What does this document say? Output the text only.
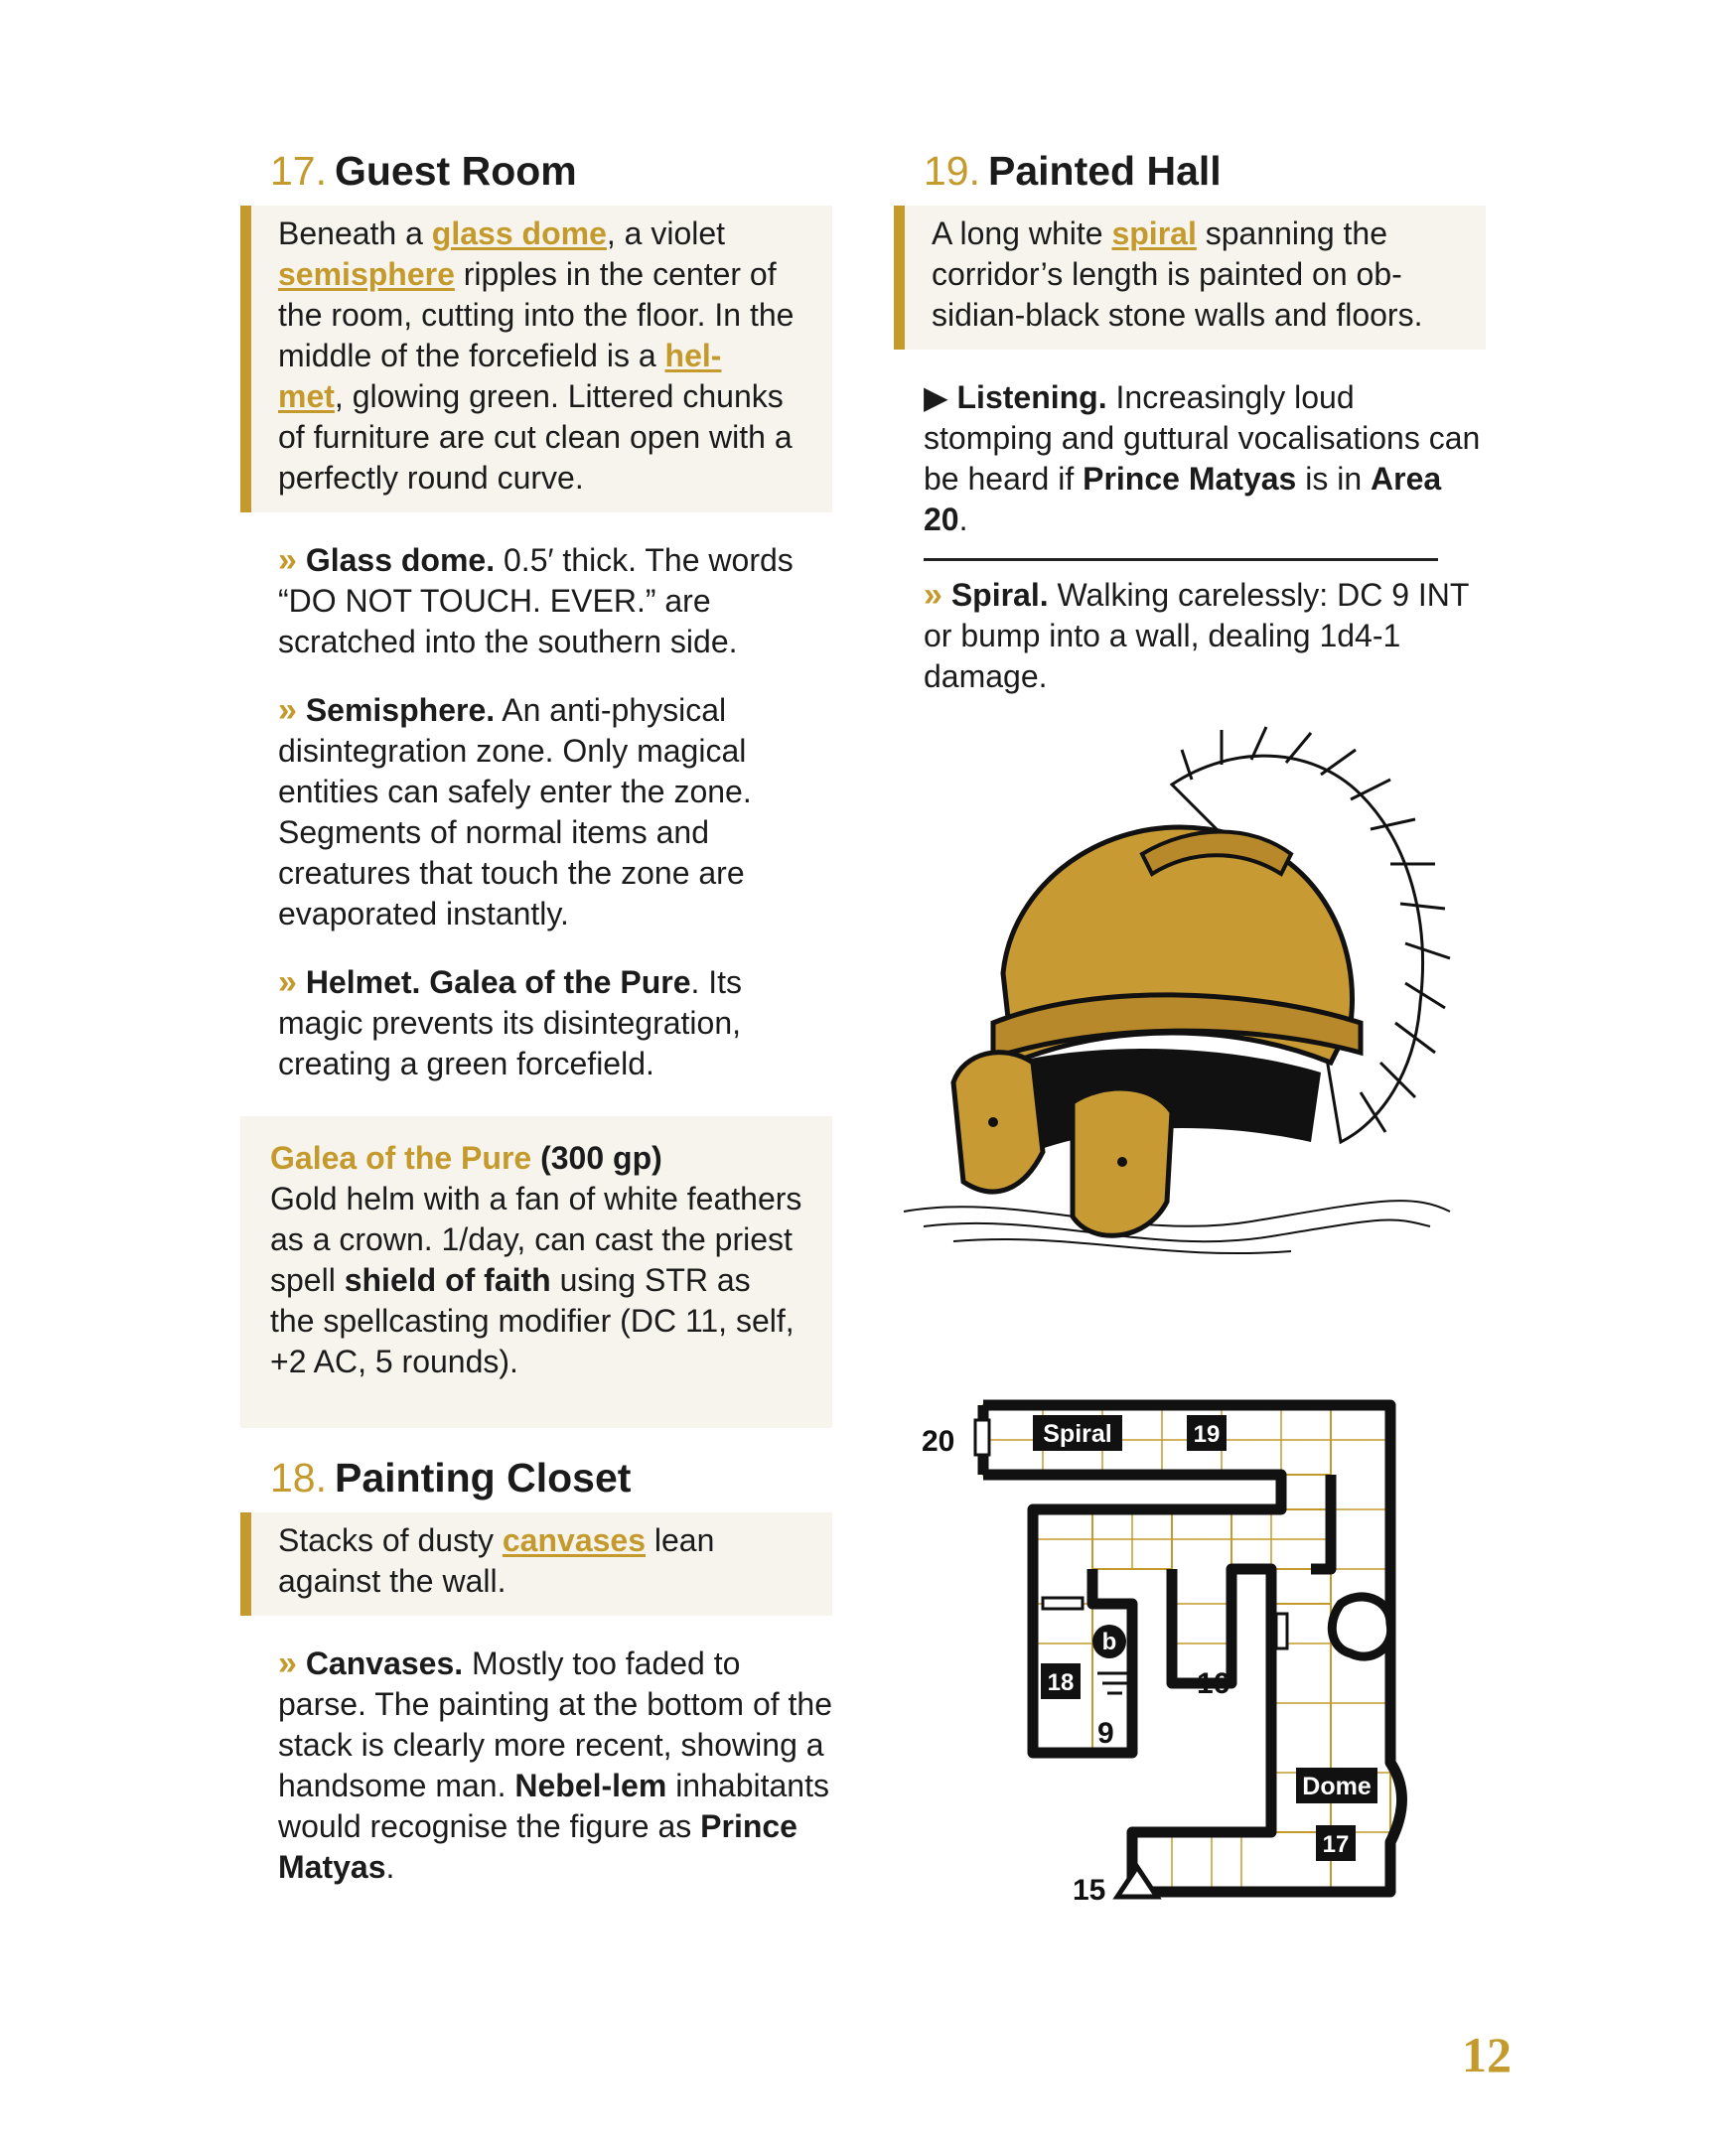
17. Guest Room
Beneath a glass dome, a violet semisphere ripples in the center of the room, cutting into the floor. In the middle of the forcefield is a hel-
met, glowing green. Littered chunks of furniture are cut clean open with a perfectly round curve.
» Glass dome. 0.5′ thick. The words “DO NOT TOUCH. EVER.” are scratched into the southern side.
» Semisphere. An anti-physical disintegration zone. Only magical entities can safely enter the zone. Segments of normal items and creatures that touch the zone are evaporated instantly.
» Helmet. Galea of the Pure. Its magic prevents its disintegration, creating a green forcefield.
Galea of the Pure (300 gp)
Gold helm with a fan of white feathers as a crown. 1/day, can cast the priest spell shield of faith using STR as the spellcasting modifier (DC 11, self, +2 AC, 5 rounds).
18. Painting Closet
Stacks of dusty canvases lean against the wall.
» Canvases. Mostly too faded to parse. The painting at the bottom of the stack is clearly more recent, showing a handsome man. Nebel-lem inhabitants would recognise the figure as Prince Matyas.
19. Painted Hall
A long white spiral spanning the corridor’s length is painted on ob-sidian-black stone walls and floors.
▶ Listening. Increasingly loud stomping and guttural vocalisations can be heard if Prince Matyas is in Area 20.
» Spiral. Walking carelessly: DC 9 INT or bump into a wall, dealing 1d4-1 damage.
Spiral	19
b
18
Dome
17
20
16
9
15
12
